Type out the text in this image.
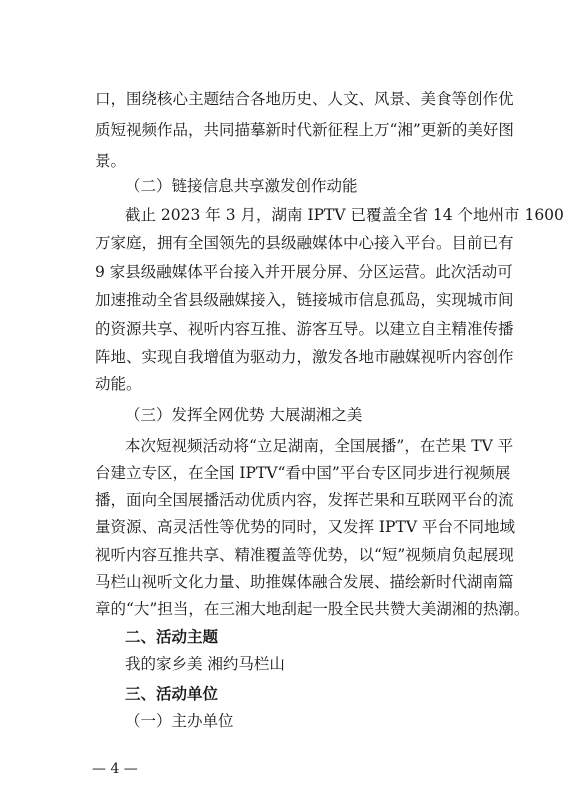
口，围绕核心主题结合各地历史、人文、风景、美食等创作优
质短视频作品，共同描摹新时代新征程上万“湘”更新的美好图
景。
（二）链接信息共享激发创作动能
截止 2023 年 3 月，湖南 IPTV 已覆盖全省 14 个地州市 1600
万家庭，拥有全国领先的县级融媒体中心接入平台。目前已有
9 家县级融媒体平台接入并开展分屏、分区运营。此次活动可
加速推动全省县级融媒接入，链接城市信息孤岛，实现城市间
的资源共享、视听内容互推、游客互导。以建立自主精准传播
阵地、实现自我增值为驱动力，激发各地市融媒视听内容创作
动能。
（三）发挥全网优势 大展湖湘之美
本次短视频活动将“立足湖南，全国展播”，在芒果 TV 平
台建立专区，在全国 IPTV“看中国”平台专区同步进行视频展
播，面向全国展播活动优质内容，发挥芒果和互联网平台的流
量资源、高灵活性等优势的同时，又发挥 IPTV 平台不同地域
视听内容互推共享、精准覆盖等优势，以“短”视频肩负起展现
马栏山视听文化力量、助推媒体融合发展、描绘新时代湖南篇
章的“大”担当，在三湘大地刮起一股全民共赞大美湖湘的热潮。
二、活动主题
我的家乡美 湘约马栏山
三、活动单位
（一）主办单位
— 4 —
